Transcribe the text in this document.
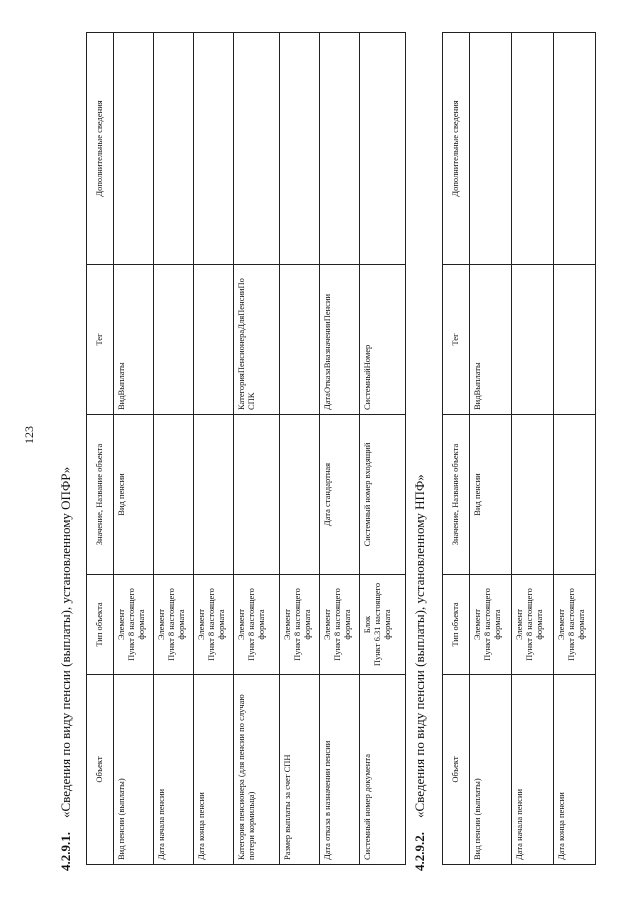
123
4.2.9.1.«Сведения по виду пенсии (выплаты), установленному ОПФР» Объект	Тип объекта	Значение, Название объекта	Тег	Дополнительные сведения
Вид пенсии (выплаты)	Элемент Пункт 8 настоящего формата	Вид пенсии	ВидВыплаты	
Дата начала пенсии	Элемент Пункт 8 настоящего формата			

Дата конца пенсии	Элемент Пункт 8 настоящего формата			

Категория пенсионера (для пенсии по случаю потери кормильца)	Элемент Пункт 8 настоящего формата		КатегорияПенсионераДляПенсииПо СПК	
Размер выплаты за счет СПН	Элемент Пункт 8 настоящего формата			

Дата отказа в назначении пенсии	Элемент Пункт 8 настоящего формата	Дата стандартная	ДатаОтказаВназначенииПенсии	
Системный номер документа	Блок Пункт 6.31 настоящего формата	Системный номер входящий	СистемныйНомер	
4.2.9.2.«Сведения по виду пенсии (выплаты), установленному НПФ»	Объект	Тип объекта	Значение, Название объекта	Тег	Дополнительные сведения
Вид пенсии (выплаты)	Элемент Пункт 8 настоящего формата	Вид пенсии	ВидВыплаты	
Дата начала пенсии	Элемент Пункт 8 настоящего формата			

Дата конца пенсии	Элемент Пункт 8 настоящего формата			
